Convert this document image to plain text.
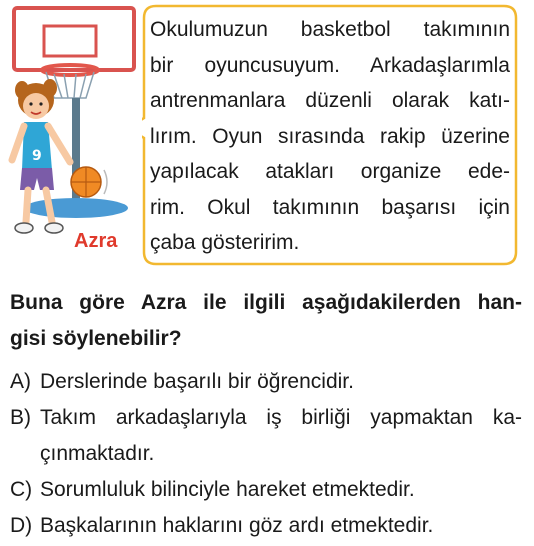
9
Azra
Okulumuzun basketbol takımının
bir oyuncusuyum. Arkadaşlarımla
antrenmanlara düzenli olarak katı-
lırım. Oyun sırasında rakip üzerine
yapılacak atakları organize ede-
rim. Okul takımının başarısı için
çaba gösteririm.
Buna göre Azra ile ilgili aşağıdakilerden han-
gisi söylenebilir?
A) Derslerinde başarılı bir öğrencidir.
B) Takım arkadaşlarıyla iş birliği yapmaktan ka-
çınmaktadır.
C) Sorumluluk bilinciyle hareket etmektedir.
D) Başkalarının haklarını göz ardı etmektedir.
